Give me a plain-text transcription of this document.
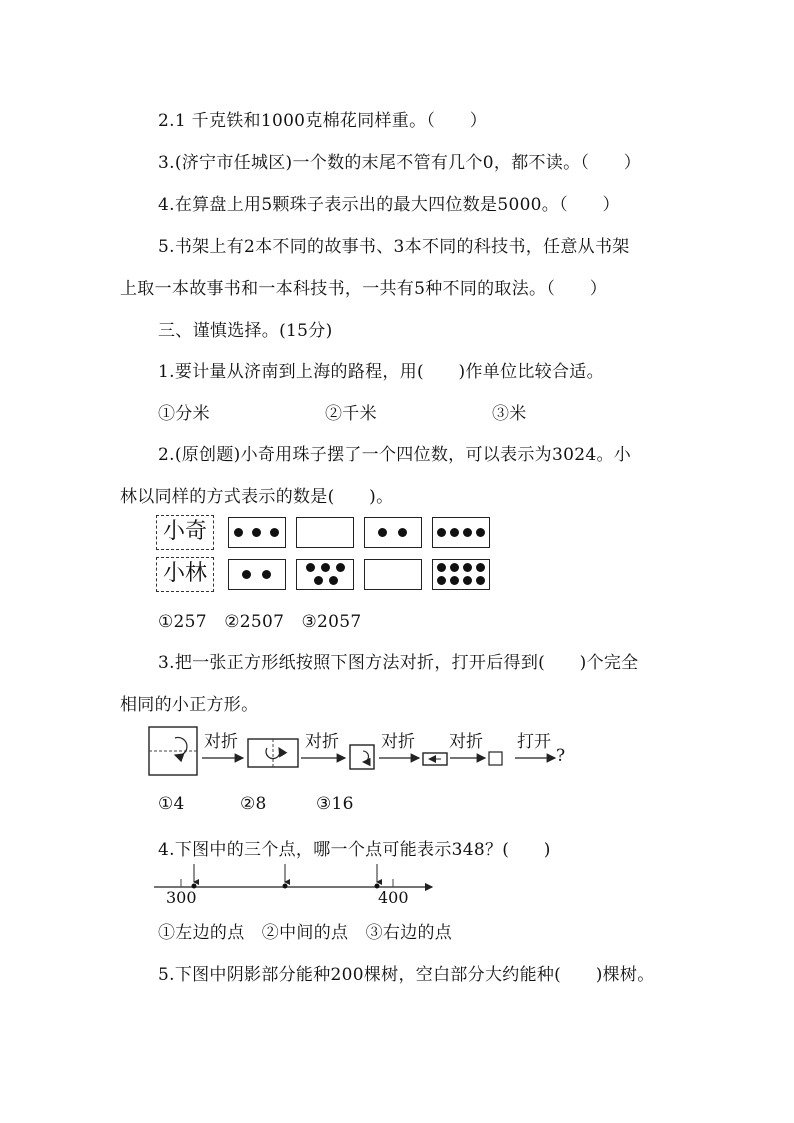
2.1 千克铁和1000克棉花同样重。（　　）
3.(济宁市任城区)一个数的末尾不管有几个0，都不读。（　　）
4.在算盘上用5颗珠子表示出的最大四位数是5000。（　　）
5.书架上有2本不同的故事书、3本不同的科技书，任意从书架
上取一本故事书和一本科技书，一共有5种不同的取法。（　　）
三、谨慎选择。(15分)
1.要计量从济南到上海的路程，用(　　)作单位比较合适。
①分米	②千米	③米
2.(原创题)小奇用珠子摆了一个四位数，可以表示为3024。小
林以同样的方式表示的数是(　　)。
小奇
小林
①257　②2507　③2057
3.把一张正方形纸按照下图方法对折，打开后得到(　　)个完全
相同的小正方形。
对折	对折 对折 对折 打开
?
①4	②8	③16
4.下图中的三个点，哪一个点可能表示348？(　　)
300	400
①左边的点　②中间的点　③右边的点
5.下图中阴影部分能种200棵树，空白部分大约能种(　　)棵树。
